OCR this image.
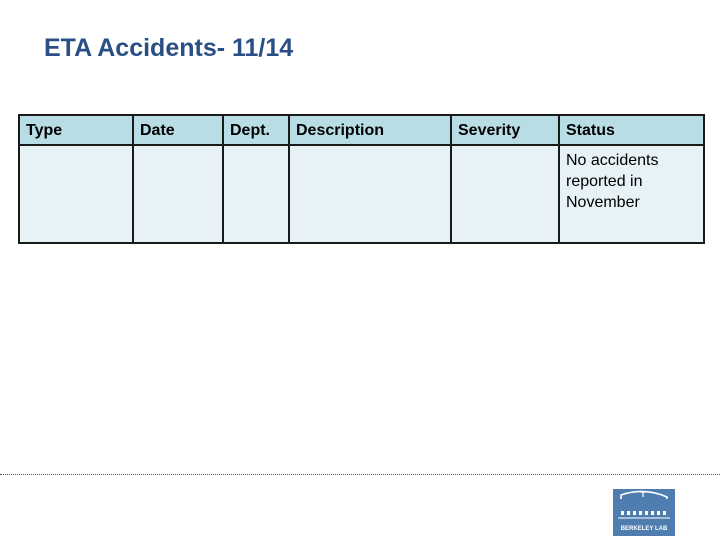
ETA Accidents- 11/14
Type	Date	Dept.	Description	Severity	Status
					No accidents reported in November
BERKELEY LAB
